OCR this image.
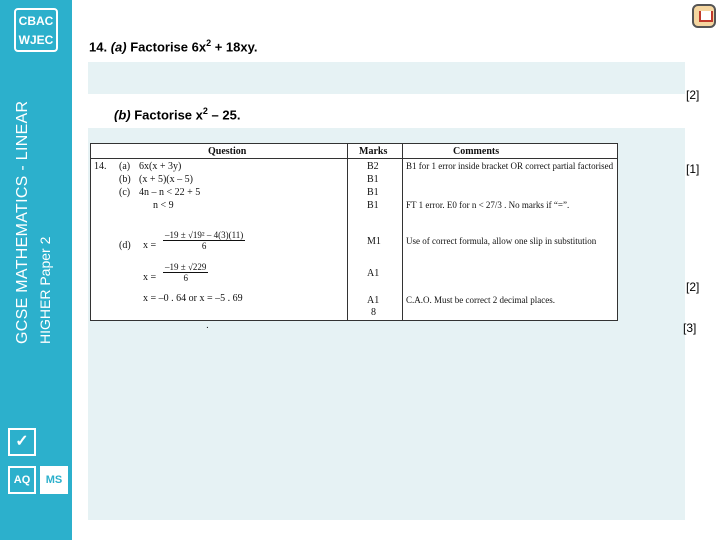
CBAC
WJEC
GCSE MATHEMATICS - LINEAR HIGHER Paper 2
✓
AQ	MS
14. (a) Factorise $6x^2 + 18xy$.
[2]
(b) Factorise $x^2 - 25$.
[1]
[2]
[3]
Question	Marks	Comments
14. (a) 6x(x + 3y)	B2	B1 for 1 error inside bracket OR correct partial factorised
(b) (x + 5)(x – 5)	B1
(c) 4n – n < 22 + 5	B1
n < 9	B1	FT 1 error. E0 for n < 27/3 . No marks if “=”.
(d) $x = \frac{\text{–19 ± √19² – 4(3)(11)}}{6}$	M1	Use of correct formula, allow one slip in substitution
$x = \frac{-19 \pm √229}{6}$	A1
x = –0 . 64 or x = –5 . 69	A1	C.A.O. Must be correct 2 decimal places.
8
.
